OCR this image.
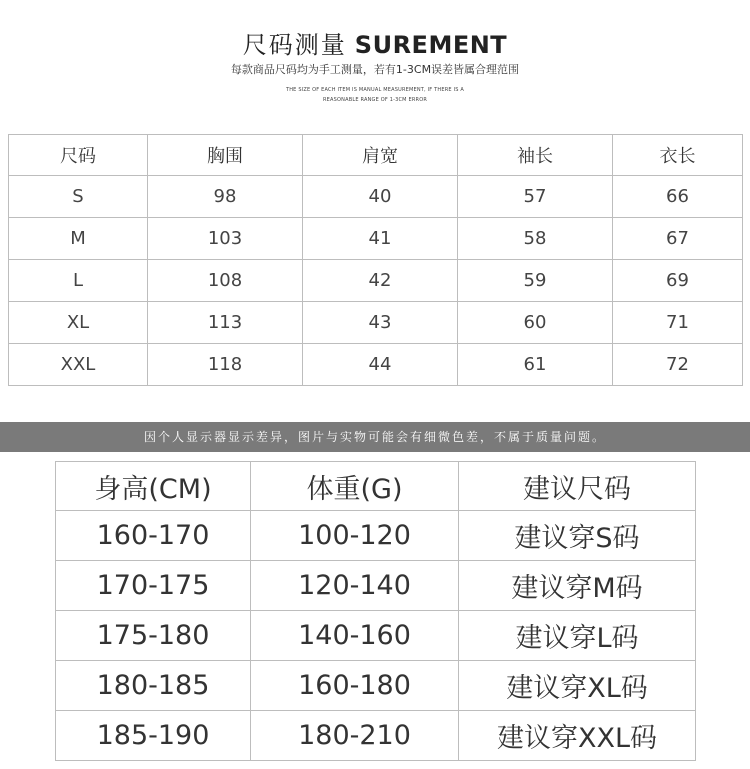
尺码测量 SUREMENT
每款商品尺码均为手工测量，若有1-3CM误差皆属合理范围
THE SIZE OF EACH ITEM IS MANUAL MEASUREMENT, IF THERE IS A
REASONABLE RANGE OF 1-3CM ERROR
尺码	胸围	肩宽	袖长	衣长
S	98	40	57	66
M	103	41	58	67
L	108	42	59	69
XL	113	43	60	71
XXL	118	44	61	72
因个人显示器显示差异，图片与实物可能会有细微色差，不属于质量问题。
身高(CM)	体重(G)	建议尺码
160-170	100-120	建议穿S码
170-175	120-140	建议穿M码
175-180	140-160	建议穿L码
180-185	160-180	建议穿XL码
185-190	180-210	建议穿XXL码
